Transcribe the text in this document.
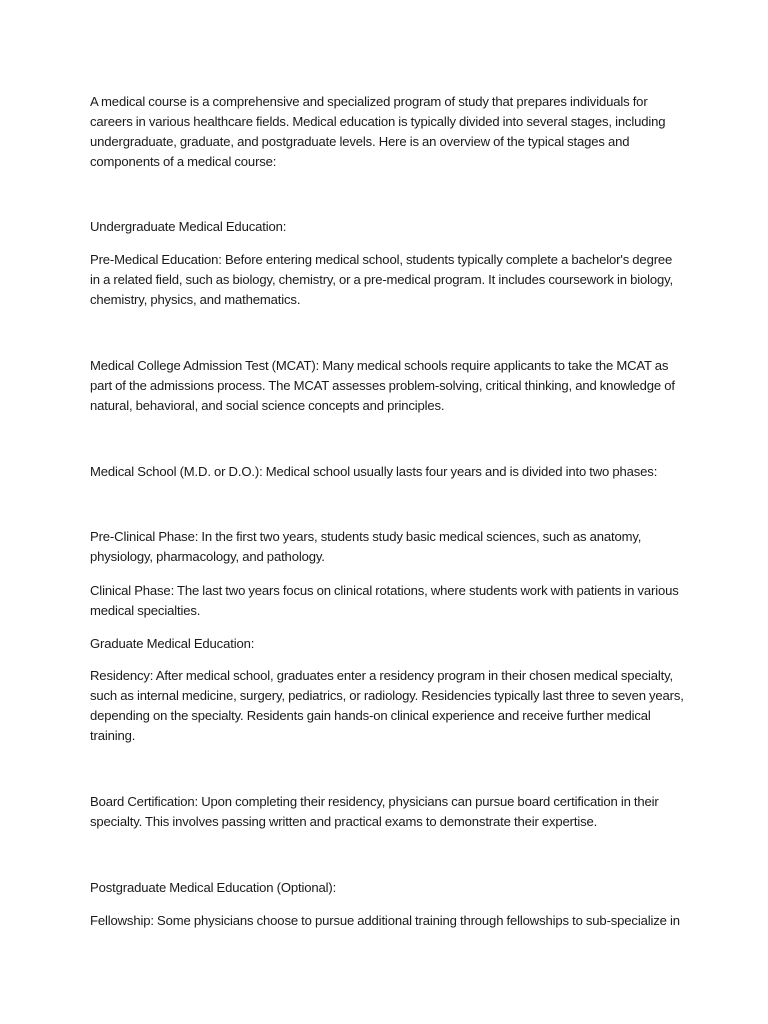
A medical course is a comprehensive and specialized program of study that prepares individuals for careers in various healthcare fields. Medical education is typically divided into several stages, including undergraduate, graduate, and postgraduate levels. Here is an overview of the typical stages and components of a medical course:

Undergraduate Medical Education:

Pre-Medical Education: Before entering medical school, students typically complete a bachelor's degree in a related field, such as biology, chemistry, or a pre-medical program. It includes coursework in biology, chemistry, physics, and mathematics.

Medical College Admission Test (MCAT): Many medical schools require applicants to take the MCAT as part of the admissions process. The MCAT assesses problem-solving, critical thinking, and knowledge of natural, behavioral, and social science concepts and principles.

Medical School (M.D. or D.O.): Medical school usually lasts four years and is divided into two phases:

Pre-Clinical Phase: In the first two years, students study basic medical sciences, such as anatomy, physiology, pharmacology, and pathology.

Clinical Phase: The last two years focus on clinical rotations, where students work with patients in various medical specialties.

Graduate Medical Education:

Residency: After medical school, graduates enter a residency program in their chosen medical specialty, such as internal medicine, surgery, pediatrics, or radiology. Residencies typically last three to seven years, depending on the specialty. Residents gain hands-on clinical experience and receive further medical training.

Board Certification: Upon completing their residency, physicians can pursue board certification in their specialty. This involves passing written and practical exams to demonstrate their expertise.

Postgraduate Medical Education (Optional):

Fellowship: Some physicians choose to pursue additional training through fellowships to sub-specialize in
